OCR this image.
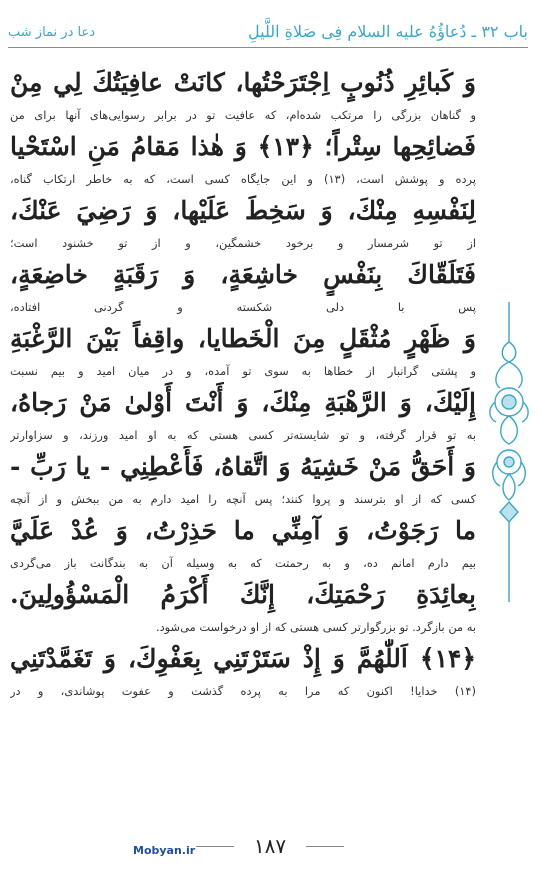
باب ۳۲ ـ دُعاؤُهُ عليه السلام فِی صَلاةِ اللَّيلِ
دعا در نماز شب
وَ كَبائِرِ ذُنُوبٍ اِجْتَرَحْتُها، كانَتْ عافِيَتُكَ لِي مِنْ
و گناهان بزرگی را مرتکب شده‌ام، که عافیت تو در برابر رسوایی‌های آنها برای من
فَضائِحِها سِتْراً؛ ﴿۱۳﴾ وَ هٰذا مَقامُ مَنِ اسْتَحْيا
پرده و پوشش است، (۱۳) و این جایگاه کسی است، که به خاطر ارتکاب گناه،
لِنَفْسِهِ مِنْكَ، وَ سَخِطَ عَلَيْها، وَ رَضِيَ عَنْكَ،
از تو شرمسار و برخود خشمگین، و از تو خشنود است؛
فَتَلَقّاكَ بِنَفْسٍ خاشِعَةٍ، وَ رَقَبَةٍ خاضِعَةٍ،
پس با دلی شکسته و گردنی افتاده،
وَ ظَهْرٍ مُثْقَلٍ مِنَ الْخَطايا، واقِفاً بَيْنَ الرَّغْبَةِ
و پشتی گرانبار از خطاها به سوی تو آمده، و در میان امید و بیم نسبت
إِلَيْكَ، وَ الرَّهْبَةِ مِنْكَ، وَ أَنْتَ أَوْلىٰ مَنْ رَجاهُ،
به تو قرار گرفته، و تو شایسته‌تر کسی هستی که به او امید ورزند، و سزاوارتر
وَ أَحَقُّ مَنْ خَشِيَهُ وَ اتَّقاهُ، فَأَعْطِنِي - يا رَبِّ -
کسی که از او بترسند و پروا کنند؛ پس آنچه را امید دارم به من ببخش و از آنچه
ما رَجَوْتُ، وَ آمِنِّي ما حَذِرْتُ، وَ عُدْ عَلَيَّ
بیم دارم امانم ده، و به رحمتت که به وسیله آن به بندگانت باز می‌گردی
بِعائِدَةِ رَحْمَتِكَ، إِنَّكَ أَكْرَمُ الْمَسْؤُولِينَ.
به من بازگرد. تو بزرگوارتر کسی هستی که از او درخواست می‌شود.
﴿۱۴﴾ اَللّٰهُمَّ وَ إِذْ سَتَرْتَنِي بِعَفْوِكَ، وَ تَغَمَّدْتَنِي
(۱۴) خدایا! اکنون که مرا به پرده گذشت و عفوت پوشاندی، و در
۱۸۷
Mobyan.ir
